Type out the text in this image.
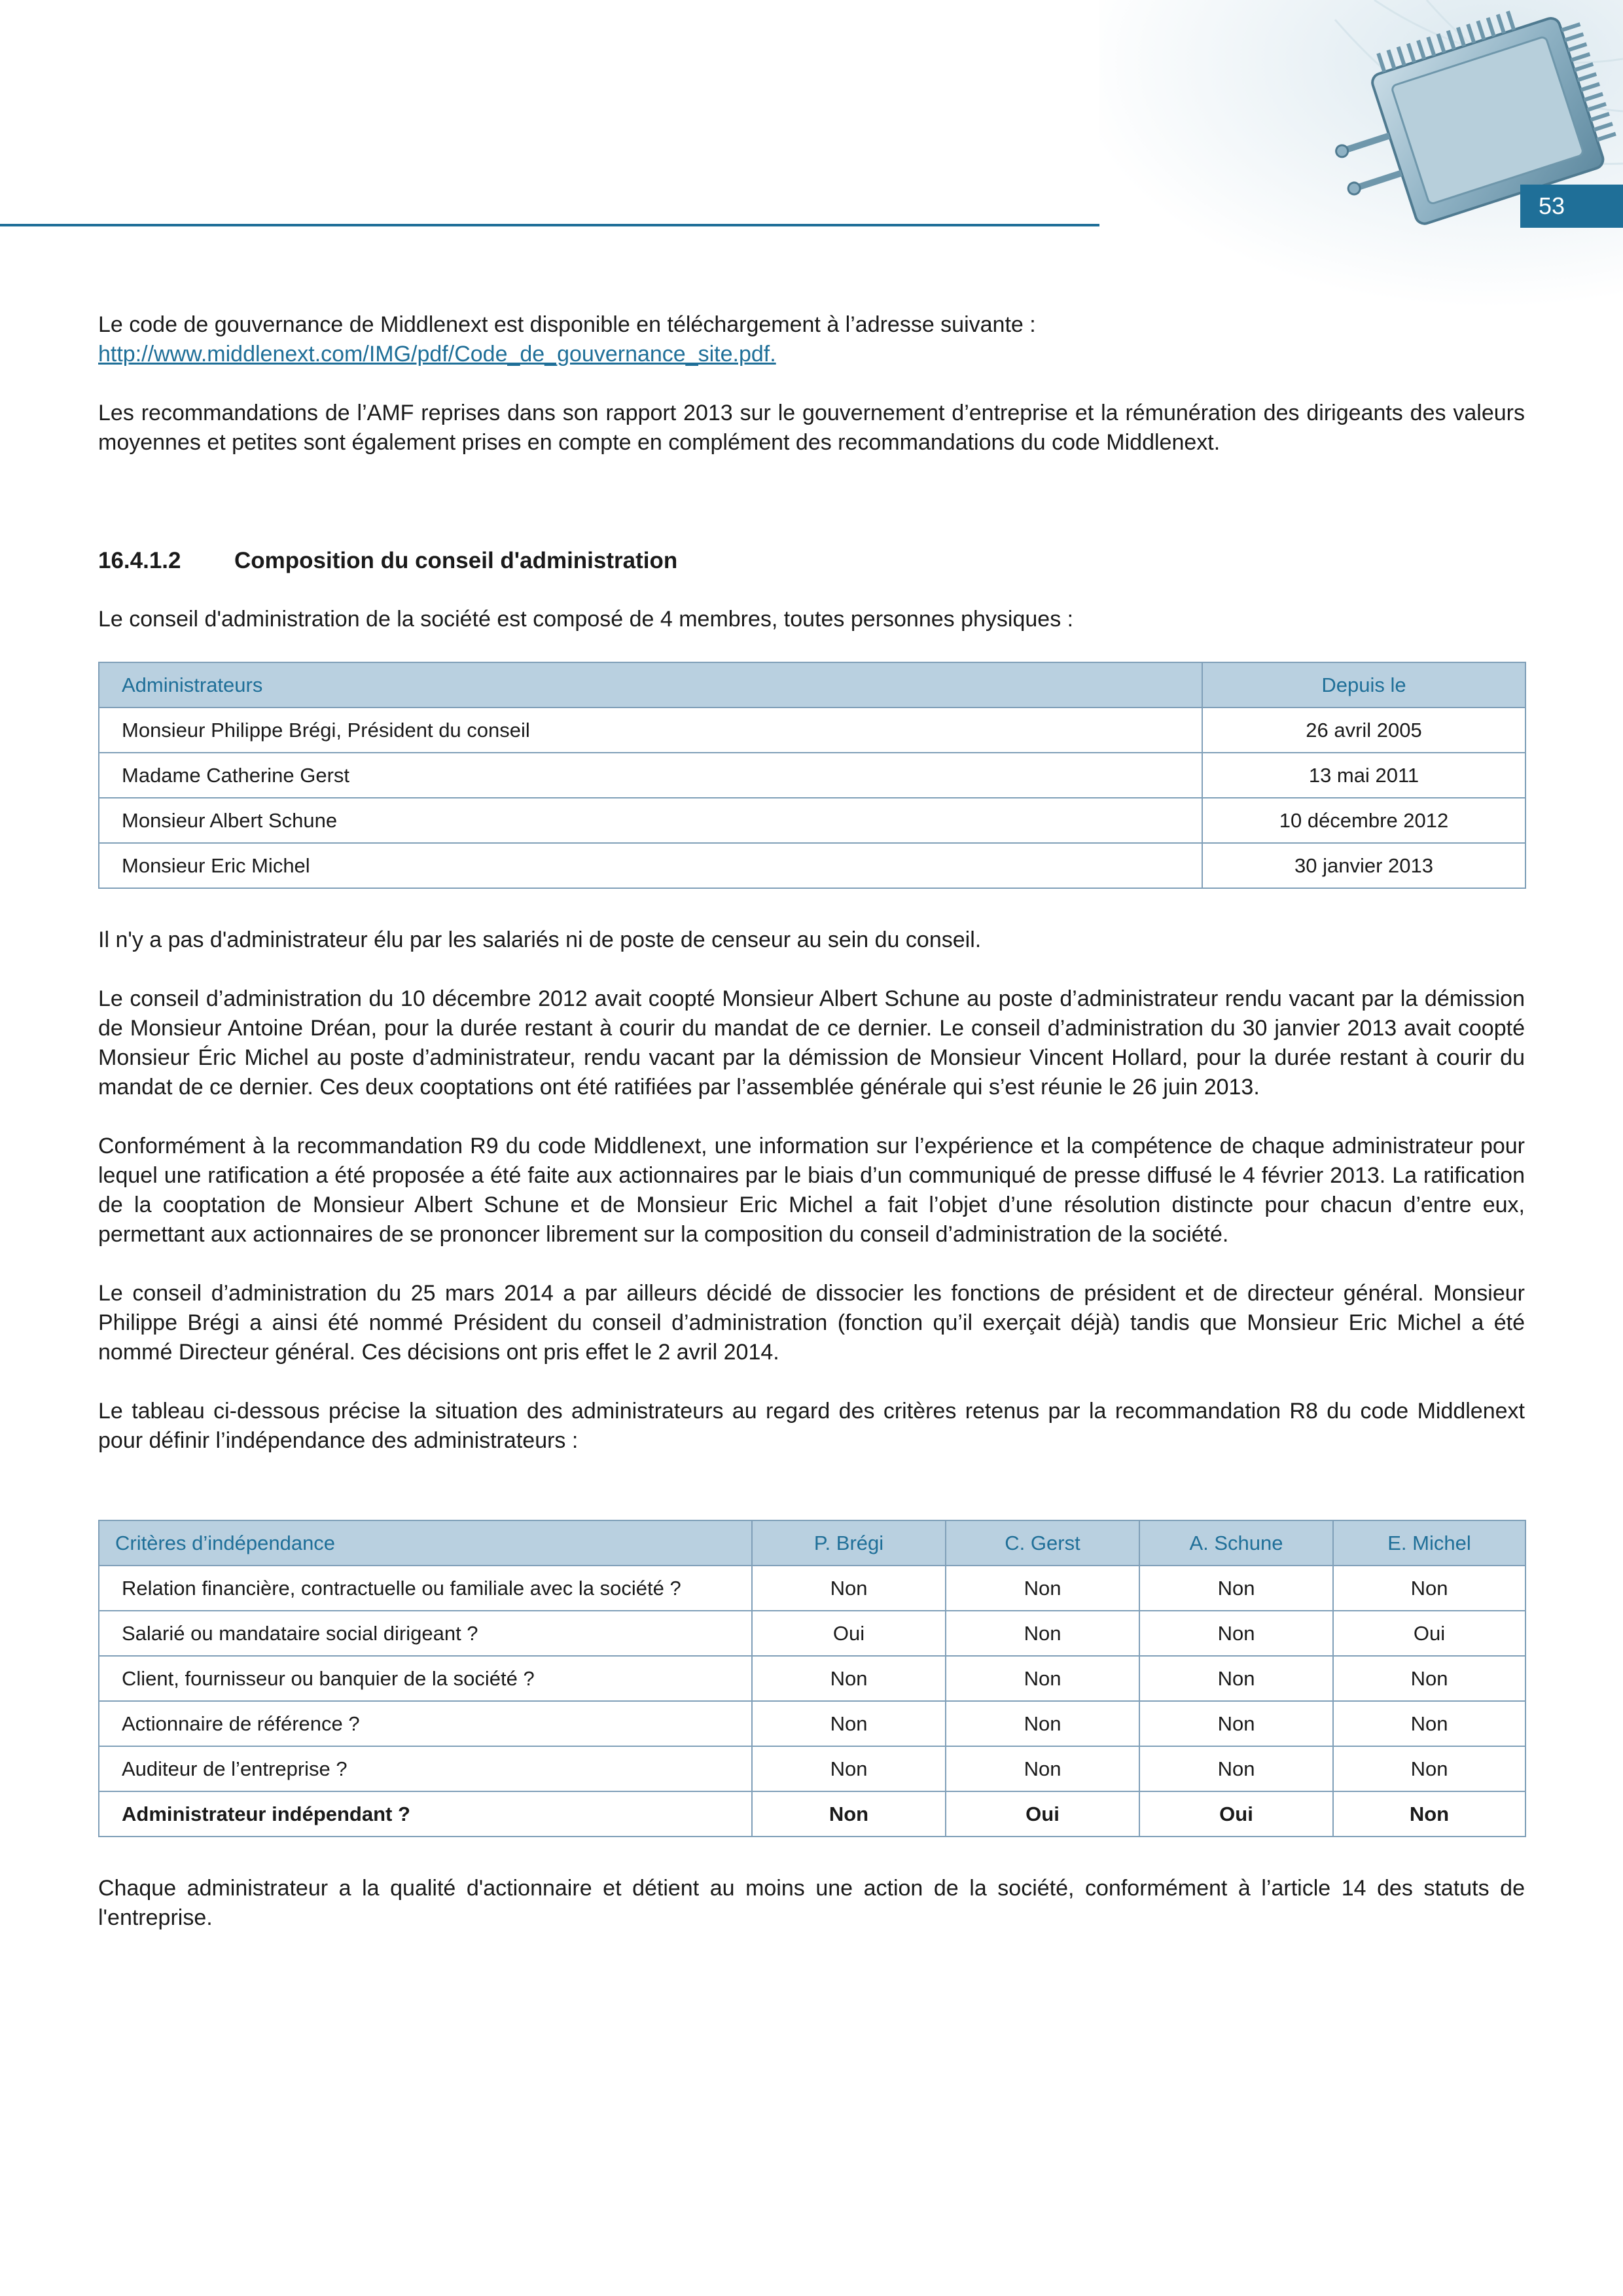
53

Le code de gouvernance de Middlenext est disponible en téléchargement à l’adresse suivante :
http://www.middlenext.com/IMG/pdf/Code_de_gouvernance_site.pdf.

Les recommandations de l’AMF reprises dans son rapport 2013 sur le gouvernement d’entreprise et la rémunération des dirigeants des valeurs moyennes et petites sont également prises en compte en complément des recommandations du code Middlenext.

16.4.1.2 Composition du conseil d'administration

Le conseil d'administration de la société est composé de 4 membres, toutes personnes physiques :

Administrateurs	Depuis le
Monsieur Philippe Brégi, Président du conseil	26 avril 2005
Madame Catherine Gerst	13 mai 2011
Monsieur Albert Schune	10 décembre 2012
Monsieur Eric Michel	30 janvier 2013

Il n'y a pas d'administrateur élu par les salariés ni de poste de censeur au sein du conseil.

Le conseil d’administration du 10 décembre 2012 avait coopté Monsieur Albert Schune au poste d’administrateur rendu vacant par la démission de Monsieur Antoine Dréan, pour la durée restant à courir du mandat de ce dernier. Le conseil d’administration du 30 janvier 2013 avait coopté Monsieur Éric Michel au poste d’administrateur, rendu vacant par la démission de Monsieur Vincent Hollard, pour la durée restant à courir du mandat de ce dernier. Ces deux cooptations ont été ratifiées par l’assemblée générale qui s’est réunie le 26 juin 2013.

Conformément à la recommandation R9 du code Middlenext, une information sur l’expérience et la compétence de chaque administrateur pour lequel une ratification a été proposée a été faite aux actionnaires par le biais d’un communiqué de presse diffusé le 4 février 2013. La ratification de la cooptation de Monsieur Albert Schune et de Monsieur Eric Michel a fait l’objet d’une résolution distincte pour chacun d’entre eux, permettant aux actionnaires de se prononcer librement sur la composition du conseil d’administration de la société.

Le conseil d’administration du 25 mars 2014 a par ailleurs décidé de dissocier les fonctions de président et de directeur général. Monsieur Philippe Brégi a ainsi été nommé Président du conseil d’administration (fonction qu’il exerçait déjà) tandis que Monsieur Eric Michel a été nommé Directeur général. Ces décisions ont pris effet le 2 avril 2014.

Le tableau ci-dessous précise la situation des administrateurs au regard des critères retenus par la recommandation R8 du code Middlenext pour définir l’indépendance des administrateurs :

Critères d’indépendance	P. Brégi	C. Gerst	A. Schune	E. Michel
Relation financière, contractuelle ou familiale avec la société ?	Non	Non	Non	Non
Salarié ou mandataire social dirigeant ?	Oui	Non	Non	Oui
Client, fournisseur ou banquier de la société ?	Non	Non	Non	Non
Actionnaire de référence ?	Non	Non	Non	Non
Auditeur de l’entreprise ?	Non	Non	Non	Non
Administrateur indépendant ?	Non	Oui	Oui	Non

Chaque administrateur a la qualité d'actionnaire et détient au moins une action de la société, conformément à l’article 14 des statuts de l'entreprise.
